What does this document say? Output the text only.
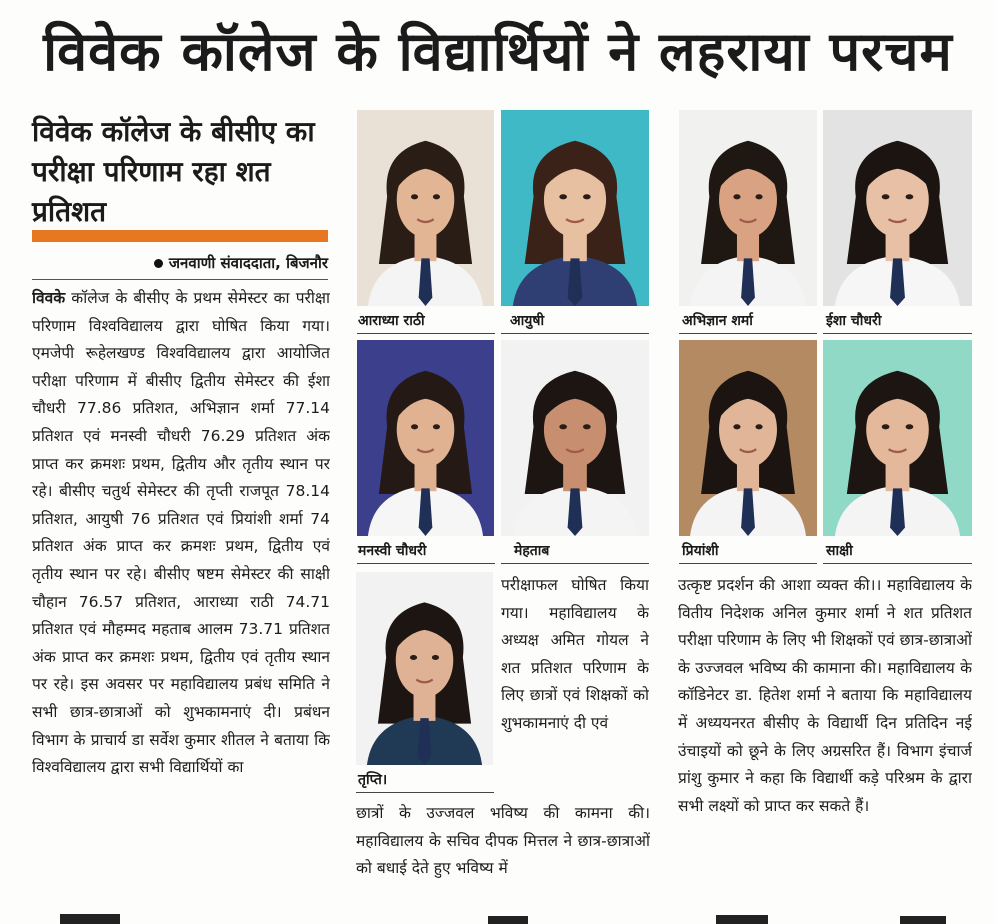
विवेक कॉलेज के विद्यार्थियों ने लहराया परचम
विवेक कॉलेज के बीसीए का परीक्षा परिणाम रहा शत प्रतिशत
जनवाणी संवाददाता, बिजनौर
विवके कॉलेज के बीसीए के प्रथम सेमेस्टर का परीक्षा परिणाम विश्वविद्यालय द्वारा घोषित किया गया। एमजेपी रूहेलखण्ड विश्वविद्यालय द्वारा आयोजित परीक्षा परिणाम में बीसीए द्वितीय सेमेस्टर की ईशा चौधरी 77.86 प्रतिशत, अभिज्ञान शर्मा 77.14 प्रतिशत एवं मनस्वी चौधरी 76.29 प्रतिशत अंक प्राप्त कर क्रमशः प्रथम, द्वितीय और तृतीय स्थान पर रहे। बीसीए चतुर्थ सेमेस्टर की तृप्ती राजपूत 78.14 प्रतिशत, आयुषी 76 प्रतिशत एवं प्रियांशी शर्मा 74 प्रतिशत अंक प्राप्त कर क्रमशः प्रथम, द्वितीय एवं तृतीय स्थान पर रहे। बीसीए षष्टम सेमेस्टर की साक्षी चौहान 76.57 प्रतिशत, आराध्या राठी 74.71 प्रतिशत एवं मौहम्मद महताब आलम 73.71 प्रतिशत अंक प्राप्त कर क्रमशः प्रथम, द्वितीय एवं तृतीय स्थान पर रहे। इस अवसर पर महाविद्यालय प्रबंध समिति ने सभी छात्र-छात्राओं को शुभकामनाएं दी। प्रबंधन विभाग के प्राचार्य डा सर्वेश कुमार शीतल ने बताया कि विश्वविद्यालय द्वारा सभी विद्यार्थियों का
परीक्षाफल घोषित किया गया। महाविद्यालय के अध्यक्ष अमित गोयल ने शत प्रतिशत परिणाम के लिए छात्रों एवं शिक्षकों को शुभकामनाएं दी एवं
छात्रों के उज्जवल भविष्य की कामना की। महाविद्यालय के सचिव दीपक मित्तल ने छात्र-छात्राओं को बधाई देते हुए भविष्य में
उत्कृष्ट प्रदर्शन की आशा व्यक्त की।। महाविद्यालय के वितीय निदेशक अनिल कुमार शर्मा ने शत प्रतिशत परीक्षा परिणाम के लिए भी शिक्षकों एवं छात्र-छात्राओं के उज्जवल भविष्य की कामाना की। महाविद्यालय के कॉडिनेटर डा. हितेश शर्मा ने बताया कि महाविद्यालय में अध्ययनरत बीसीए के विद्यार्थी दिन प्रतिदिन नई उंचाइयों को छूने के लिए अग्रसरित हैं। विभाग इंचार्ज प्रांशु कुमार ने कहा कि विद्यार्थी कड़े परिश्रम के द्वारा सभी लक्ष्यों को प्राप्त कर सकते हैं।
आराध्या राठी	आयुषी	अभिज्ञान शर्मा	ईशा चौधरी
मनस्वी चौधरी	मेहताब	प्रियांशी	साक्षी
तृप्ति।
